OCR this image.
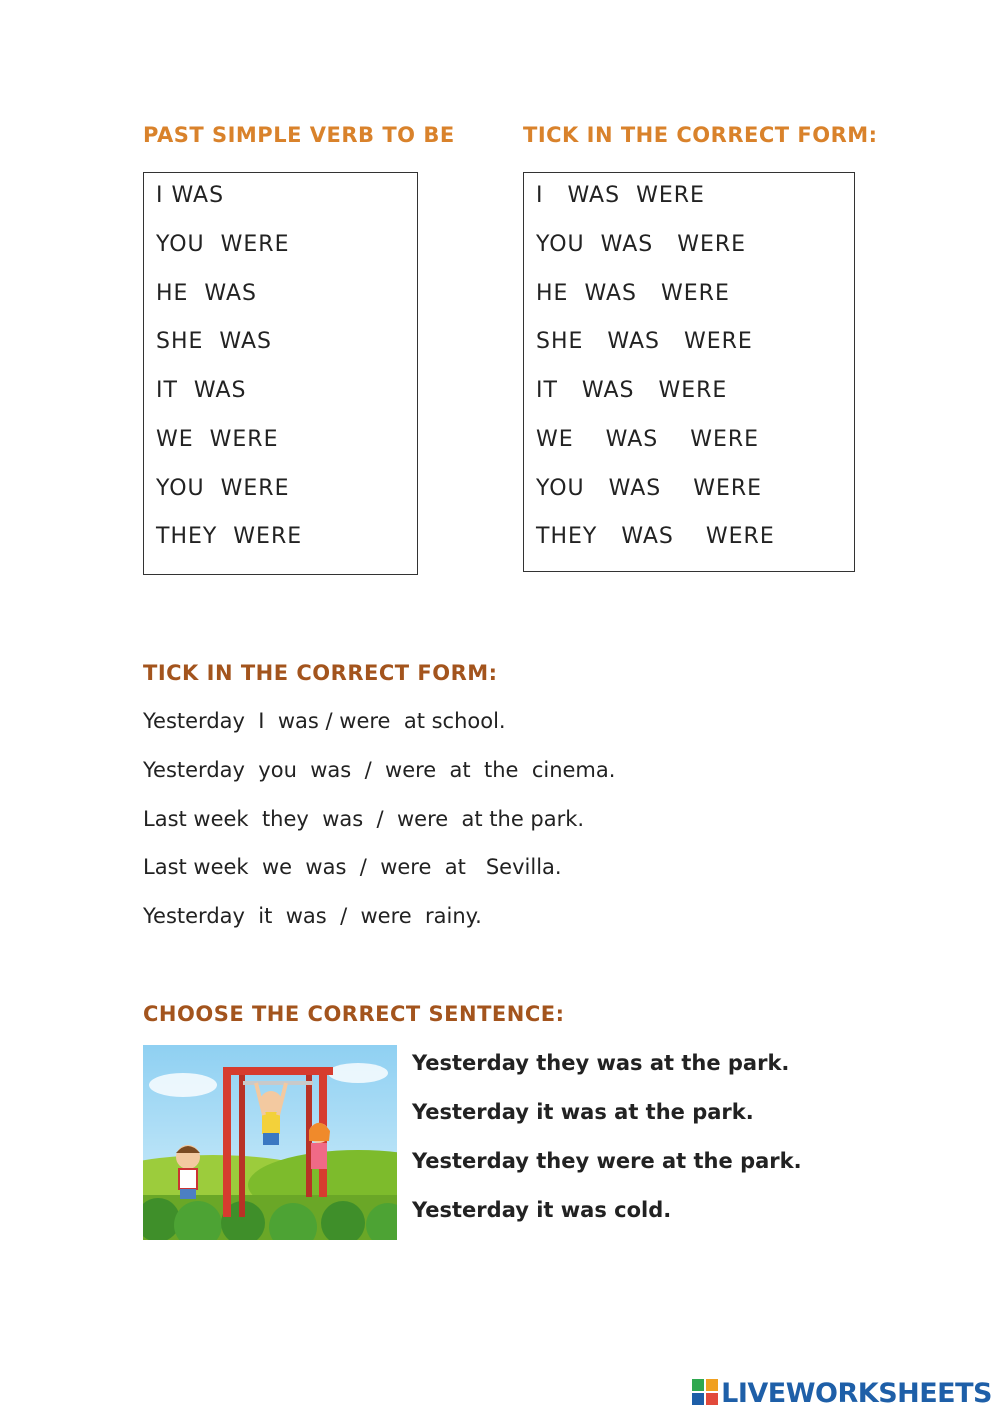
PAST SIMPLE VERB TO BE
I WAS
YOU  WERE
HE  WAS
SHE  WAS
IT  WAS
WE  WERE
YOU  WERE
THEY  WERE
TICK IN THE CORRECT FORM:
I WAS WERE
YOU WAS WERE
HE WAS WERE
SHE WAS WERE
IT WAS WERE
WE WAS WERE
YOU WAS WERE
THEY WAS WERE
TICK IN THE CORRECT FORM:
Yesterday  I  was / were  at school.
Yesterday  you  was  /  were  at  the  cinema.
Last week  they  was  /  were  at the park.
Last week  we  was  /  were  at   Sevilla.
Yesterday  it  was  /  were  rainy.
CHOOSE THE CORRECT SENTENCE:
Yesterday they was at the park.
Yesterday it was at the park.
Yesterday they were at the park.
Yesterday it was cold.
LIVEWORKSHEETS
